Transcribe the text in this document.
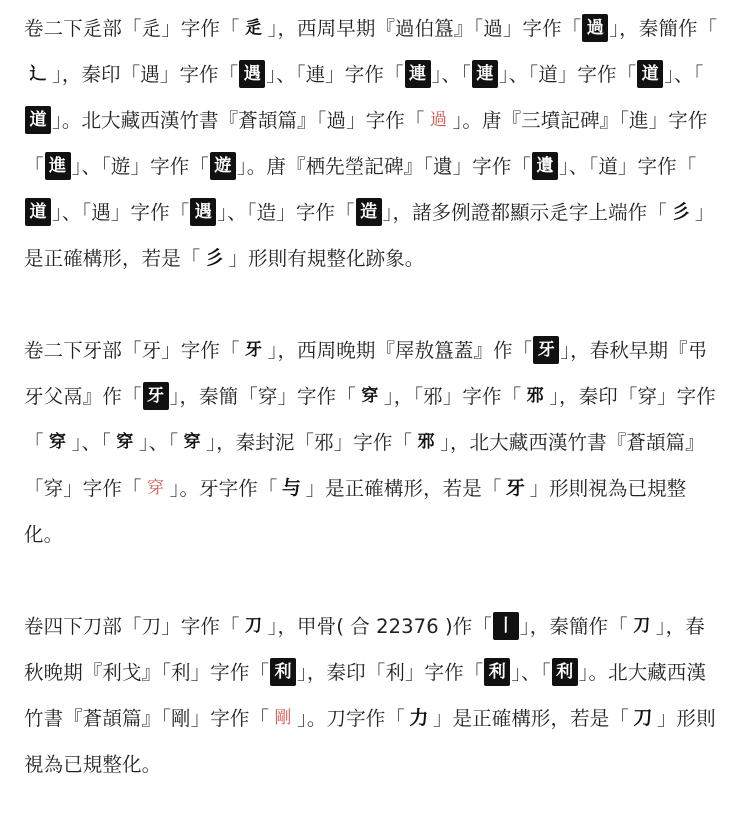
卷二下辵部「辵」字作「 辵 」，西周早期『過伯簋』「過」字作「 過 」，秦簡作「辶 」，秦印「遇」字作「 遇 」、「連」字作「 連 」、「 連 」、「道」字作「 道 」、「道 」。北大藏西漢竹書『蒼頡篇』「過」字作「 過 」。唐『三墳記碑』「進」字作「 進 」、「遊」字作「 遊 」。唐『栖先塋記碑』「遺」字作「 遺 」、「道」字作「道 」、「遇」字作「 遇 」、「造」字作「 造 」，諸多例證都顯示辵字上端作「 彡 」是正確構形，若是「 彡 」形則有規整化跡象。

卷二下牙部「牙」字作「 牙 」，西周晚期『屖敖簋蓋』作「 牙 」，春秋早期『弔牙父鬲』作「 牙 」，秦簡「穿」字作「 穿 」，「邪」字作「 邪 」，秦印「穿」字作「 穿 」、「 穿 」、「 穿 」，秦封泥「邪」字作「 邪 」，北大藏西漢竹書『蒼頡篇』「穿」字作「 穿 」。牙字作「 与 」是正確構形，若是「 牙 」形則視為已規整化。

卷四下刀部「刀」字作「 刀 」，甲骨( 合 22376 )作「 丨 」，秦簡作「 刀 」，春秋晚期『利戈』「利」字作「 利 」，秦印「利」字作「 利 」、「 利 」。北大藏西漢竹書『蒼頡篇』「剛」字作「 剛 」。刀字作「 力 」是正確構形，若是「 刀 」形則視為已規整化。
